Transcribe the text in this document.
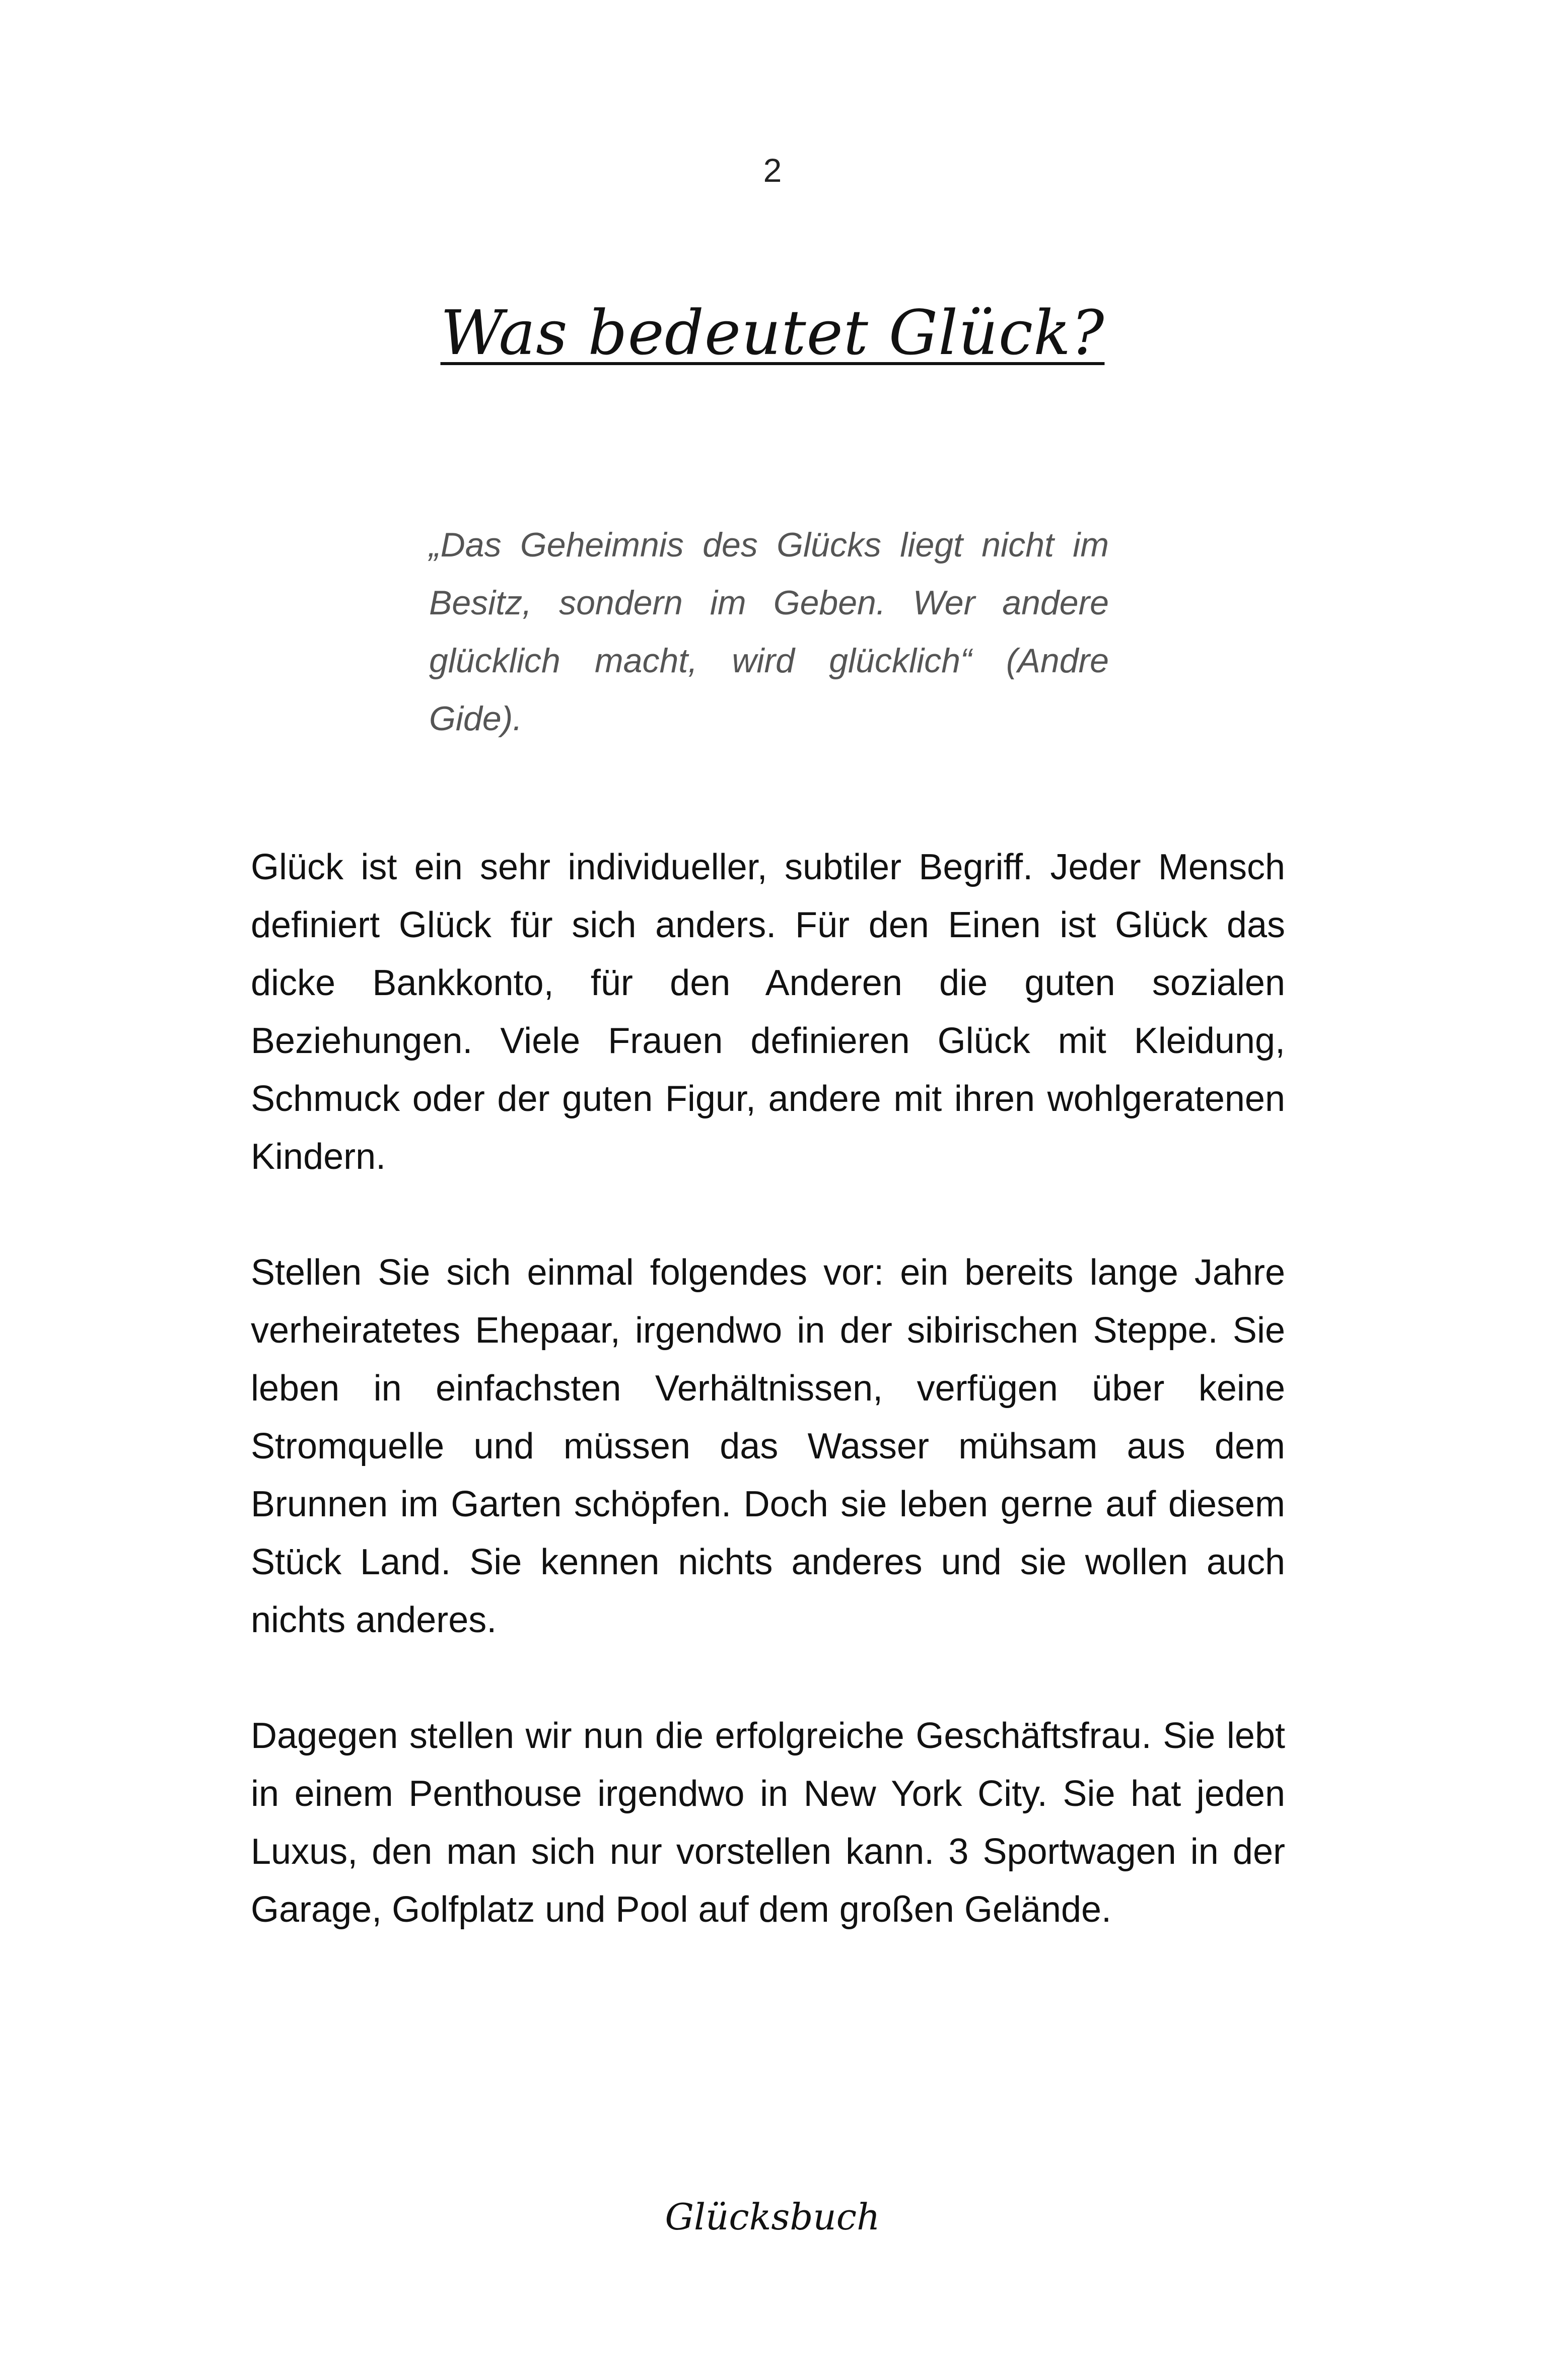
2
Was bedeutet Glück?

„Das Geheimnis des Glücks liegt nicht im Besitz, sondern im Geben. Wer andere glücklich macht, wird glücklich“ (Andre Gide).

Glück ist ein sehr individueller, subtiler Begriff. Jeder Mensch definiert Glück für sich anders. Für den Einen ist Glück das dicke Bankkonto, für den Anderen die guten sozialen Beziehungen. Viele Frauen definieren Glück mit Kleidung, Schmuck oder der guten Figur, andere mit ihren wohlgeratenen Kindern.

Stellen Sie sich einmal folgendes vor: ein bereits lange Jahre verheiratetes Ehepaar, irgendwo in der sibirischen Steppe. Sie leben in einfachsten Verhältnissen, verfügen über keine Stromquelle und müssen das Wasser mühsam aus dem Brunnen im Garten schöpfen. Doch sie leben gerne auf diesem Stück Land. Sie kennen nichts anderes und sie wollen auch nichts anderes.

Dagegen stellen wir nun die erfolgreiche Geschäftsfrau. Sie lebt in einem Penthouse irgendwo in New York City. Sie hat jeden Luxus, den man sich nur vorstellen kann. 3 Sportwagen in der Garage, Golfplatz und Pool auf dem großen Gelände.

Glücksbuch
